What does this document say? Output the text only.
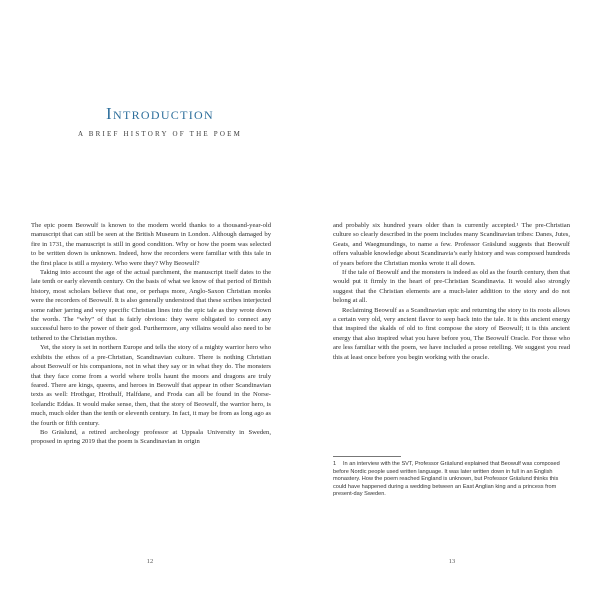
Introduction
A BRIEF HISTORY OF THE POEM

The epic poem Beowulf is known to the modern world thanks to a thousand-year-old manuscript that can still be seen at the British Museum in London. Although damaged by fire in 1731, the manuscript is still in good condition. Why or how the poem was selected to be written down is unknown. Indeed, how the recorders were familiar with this tale in the first place is still a mystery. Who were they? Why Beowulf?

Taking into account the age of the actual parchment, the manuscript itself dates to the late tenth or early eleventh century. On the basis of what we know of that period of British history, most scholars believe that one, or perhaps more, Anglo-Saxon Christian monks were the recorders of Beowulf. It is also generally understood that these scribes interjected some rather jarring and very specific Christian lines into the epic tale as they wrote down the words. The “why” of that is fairly obvious: they were obligated to connect any successful hero to the power of their god. Furthermore, any villains would also need to be tethered to the Christian mythos.

Yet, the story is set in northern Europe and tells the story of a mighty warrior hero who exhibits the ethos of a pre-Christian, Scandinavian culture. There is nothing Christian about Beowulf or his companions, not in what they say or in what they do. The monsters that they face come from a world where trolls haunt the moors and dragons are truly feared. There are kings, queens, and heroes in Beowulf that appear in other Scandinavian texts as well: Hrothgar, Hrothulf, Halfdane, and Froda can all be found in the Norse-Icelandic Eddas. It would make sense, then, that the story of Beowulf, the warrior hero, is much, much older than the tenth or eleventh century. In fact, it may be from as long ago as the fourth or fifth century.

Bo Gräslund, a retired archeology professor at Uppsala University in Sweden, proposed in spring 2019 that the poem is Scandinavian in origin

and probably six hundred years older than is currently accepted.¹ The pre-Christian culture so clearly described in the poem includes many Scandinavian tribes: Danes, Jutes, Geats, and Waegmundings, to name a few. Professor Gräslund suggests that Beowulf offers valuable knowledge about Scandinavia’s early history and was composed hundreds of years before the Christian monks wrote it all down.

If the tale of Beowulf and the monsters is indeed as old as the fourth century, then that would put it firmly in the heart of pre-Christian Scandinavia. It would also strongly suggest that the Christian elements are a much-later addition to the story and do not belong at all.

Reclaiming Beowulf as a Scandinavian epic and returning the story to its roots allows a certain very old, very ancient flavor to seep back into the tale. It is this ancient energy that inspired the skalds of old to first compose the story of Beowulf; it is this ancient energy that also inspired what you have before you, The Beowulf Oracle. For those who are less familiar with the poem, we have included a prose retelling. We suggest you read this at least once before you begin working with the oracle.

1 In an interview with the SVT, Professor Gräslund explained that Beowulf was composed before Nordic people used written language. It was later written down in full in an English monastery. How the poem reached England is unknown, but Professor Gräslund thinks this could have happened during a wedding between an East Anglian king and a princess from present-day Sweden.
12	13
